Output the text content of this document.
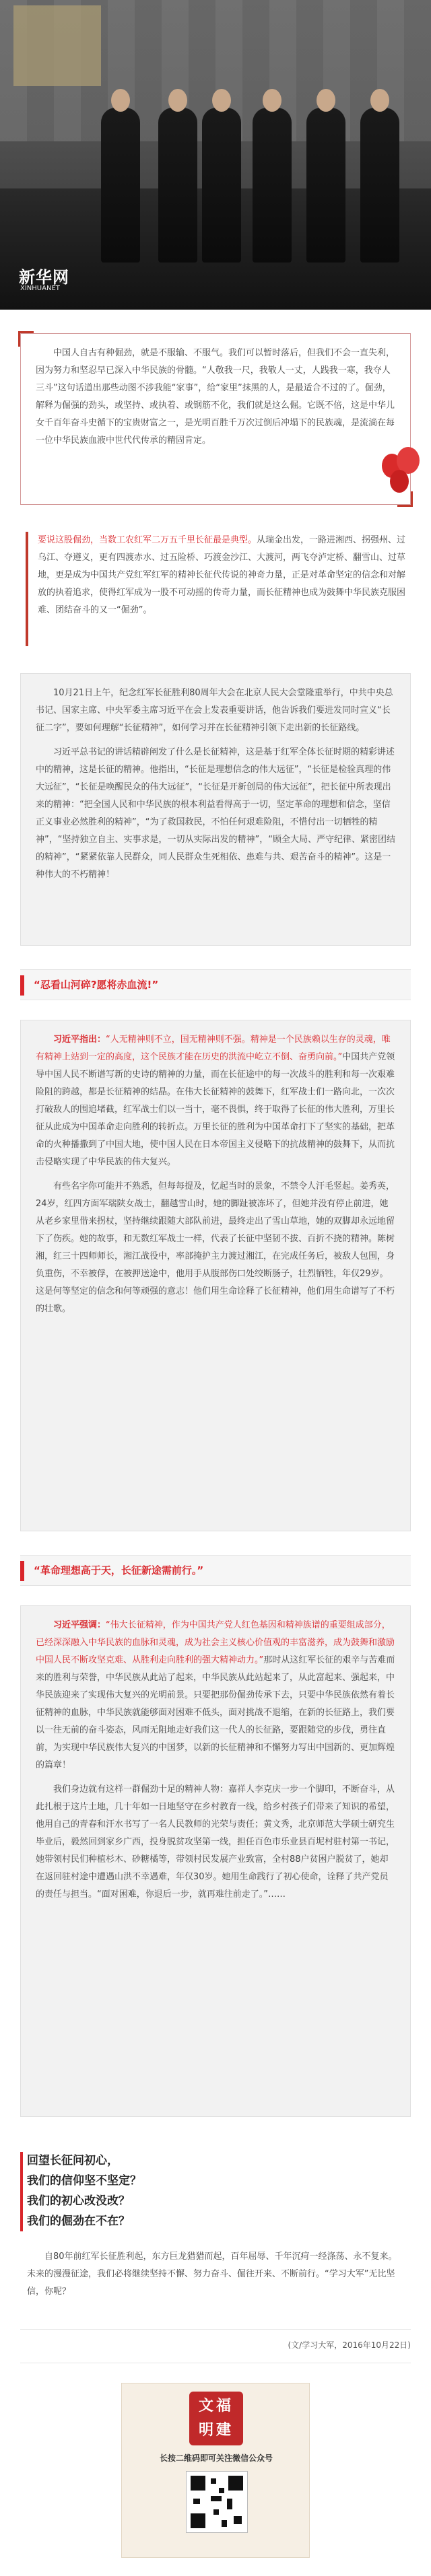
新华网
XINHUANET

中国人自古有种倔劲，就是不服输、不服气。我们可以暂时落后，但我们不会一直失利，因为努力和坚忍早已深入中华民族的骨髓。“人敬我一尺，我敬人一丈，人践我一寒，我夺人三斗”这句话道出那些动图不涉我能“家事”，给“家里”抹黑的人，是最适合不过的了。倔劲，解释为倔强的劲头，或坚持、或执着、或钢筋不化，我们就是这么倔。它既不倍，这是中华儿女千百年奋斗史循下的宝贵财富之一，是光明百胜千万次过倒后冲塌下的民族魂，是流淌在每一位中华民族血液中世代代传承的精固肯定。

要说这股倔劲，当数工农红军二万五千里长征最是典型。从瑞金出发，一路进湘西、拐强州、过乌江、夺遵义，更有四渡赤水、过五险桥、巧渡金沙江、大渡河，两飞夺泸定桥、翻雪山、过草地，更是成为中国共产党红军红军的精神长征代传说的神奇力量，正是对革命坚定的信念和对解放的执着追求，使得红军成为一股不可动摇的传奇力量，而长征精神也成为鼓舞中华民族克服困难、团结奋斗的又一“倔劲”。

10月21日上午，纪念红军长征胜利80周年大会在北京人民大会堂隆重举行，中共中央总书记、国家主席、中央军委主席习近平在会上发表重要讲话，他告诉我们要进发同时宣义“长征二字”，要如何理解“长征精神”，如何学习并在长征精神引领下走出新的长征路线。

习近平总书记的讲话精辟阐发了什么是长征精神，这是基于红军全体长征时期的精彩讲述中的精神，这是长征的精神。他指出，“长征是理想信念的伟大远征”，“长征是检验真理的伟大远征”，“长征是唤醒民众的伟大远征”，“长征是开新创局的伟大远征”，把长征中所表现出来的精神：“把全国人民和中华民族的根本利益看得高于一切，坚定革命的理想和信念，坚信正义事业必然胜利的精神”，“为了救国救民，不怕任何艰难险阻，不惜付出一切牺牲的精神”，“坚持独立自主、实事求是，一切从实际出发的精神”，“顾全大局、严守纪律、紧密团结的精神”，“紧紧依靠人民群众，同人民群众生死相依、患难与共、艰苦奋斗的精神”。这是一种伟大的不朽精神！

“忍看山河碎?愿将赤血流!”

习近平指出：“人无精神则不立，国无精神则不强。精神是一个民族赖以生存的灵魂，唯有精神上站到一定的高度，这个民族才能在历史的洪流中屹立不倒、奋勇向前。”中国共产党领导中国人民不断谱写新的史诗的精神的力量，而在长征途中的每一次战斗的胜利和每一次艰难险阻的跨越，都是长征精神的结晶。在伟大长征精神的鼓舞下，红军战士们一路向北，一次次打破敌人的围追堵截，红军战士们以一当十，毫不畏惧，终于取得了长征的伟大胜利，万里长征从此成为中国革命走向胜利的转折点。万里长征的胜利为中国革命打下了坚实的基础，把革命的火种播撒到了中国大地，使中国人民在日本帝国主义侵略下的抗战精神的鼓舞下，从而抗击侵略实现了中华民族的伟大复兴。

有些名字你可能并不熟悉，但每每提及，忆起当时的景象，不禁令人汗毛竖起。姜秀英，24岁，红四方面军瑞陕女战士，翻越雪山时，她的脚趾被冻坏了，但她并没有停止前进，她从老乡家里借来拐杖，坚持继续跟随大部队前进，最终走出了雪山草地，她的双脚却永远地留下了伤疾。她的故事，和无数红军战士一样，代表了长征中坚韧不拔、百折不挠的精神。陈树湘，红三十四师师长，湘江战役中，率部掩护主力渡过湘江，在完成任务后，被敌人包围，身负重伤，不幸被俘，在被押送途中，他用手从腹部伤口处绞断肠子，壮烈牺牲，年仅29岁。这是何等坚定的信念和何等顽强的意志！他们用生命诠释了长征精神，他们用生命谱写了不朽的壮歌。

“革命理想高于天，长征新途需前行。”

习近平强调：“伟大长征精神，作为中国共产党人红色基因和精神族谱的重要组成部分，已经深深融入中华民族的血脉和灵魂，成为社会主义核心价值观的丰富滋养，成为鼓舞和激励中国人民不断攻坚克难、从胜利走向胜利的强大精神动力。”那时从这红军长征的艰辛与苦难而来的胜利与荣誉，中华民族从此站了起来，中华民族从此站起来了，从此富起来、强起来，中华民族迎来了实现伟大复兴的光明前景。只要把那份倔劲传承下去，只要中华民族依然有着长征精神的血脉，中华民族就能够面对困难不低头，面对挑战不退缩，在新的长征路上，我们要以一往无前的奋斗姿态，风雨无阻地走好我们这一代人的长征路，要跟随党的步伐，勇往直前，为实现中华民族伟大复兴的中国梦，以新的长征精神和不懈努力写出中国新的、更加辉煌的篇章！

我们身边就有这样一群倔劲十足的精神人物：嘉祥人李克庆一步一个脚印，不断奋斗，从此扎根于这片土地，几十年如一日地坚守在乡村教育一线，给乡村孩子们带来了知识的希望，他用自己的青春和汗水书写了一名人民教师的光荣与责任；黄文秀，北京师范大学硕士研究生毕业后，毅然回到家乡广西，投身脱贫攻坚第一线，担任百色市乐业县百坭村驻村第一书记，她带领村民们种植杉木、砂糖橘等，带领村民发展产业致富，全村88户贫困户脱贫了，她却在返回驻村途中遭遇山洪不幸遇难，年仅30岁。她用生命践行了初心使命，诠释了共产党员的责任与担当。“面对困难，你退后一步，就再难往前走了。”……

回望长征问初心，
我们的信仰坚不坚定？
我们的初心改没改？
我们的倔劲在不在？
自80年前红军长征胜利起，东方巨龙猎猎而起，百年屈辱、千年沉疴一经涤荡、永不复来。未来的漫漫征途，我们必将继续坚持不懈、努力奋斗、倔往开来、不断前行。“学习大军”无比坚信，你呢？
(文/学习大军，2016年10月22日)
文福
明建
长按二维码即可关注微信公众号
